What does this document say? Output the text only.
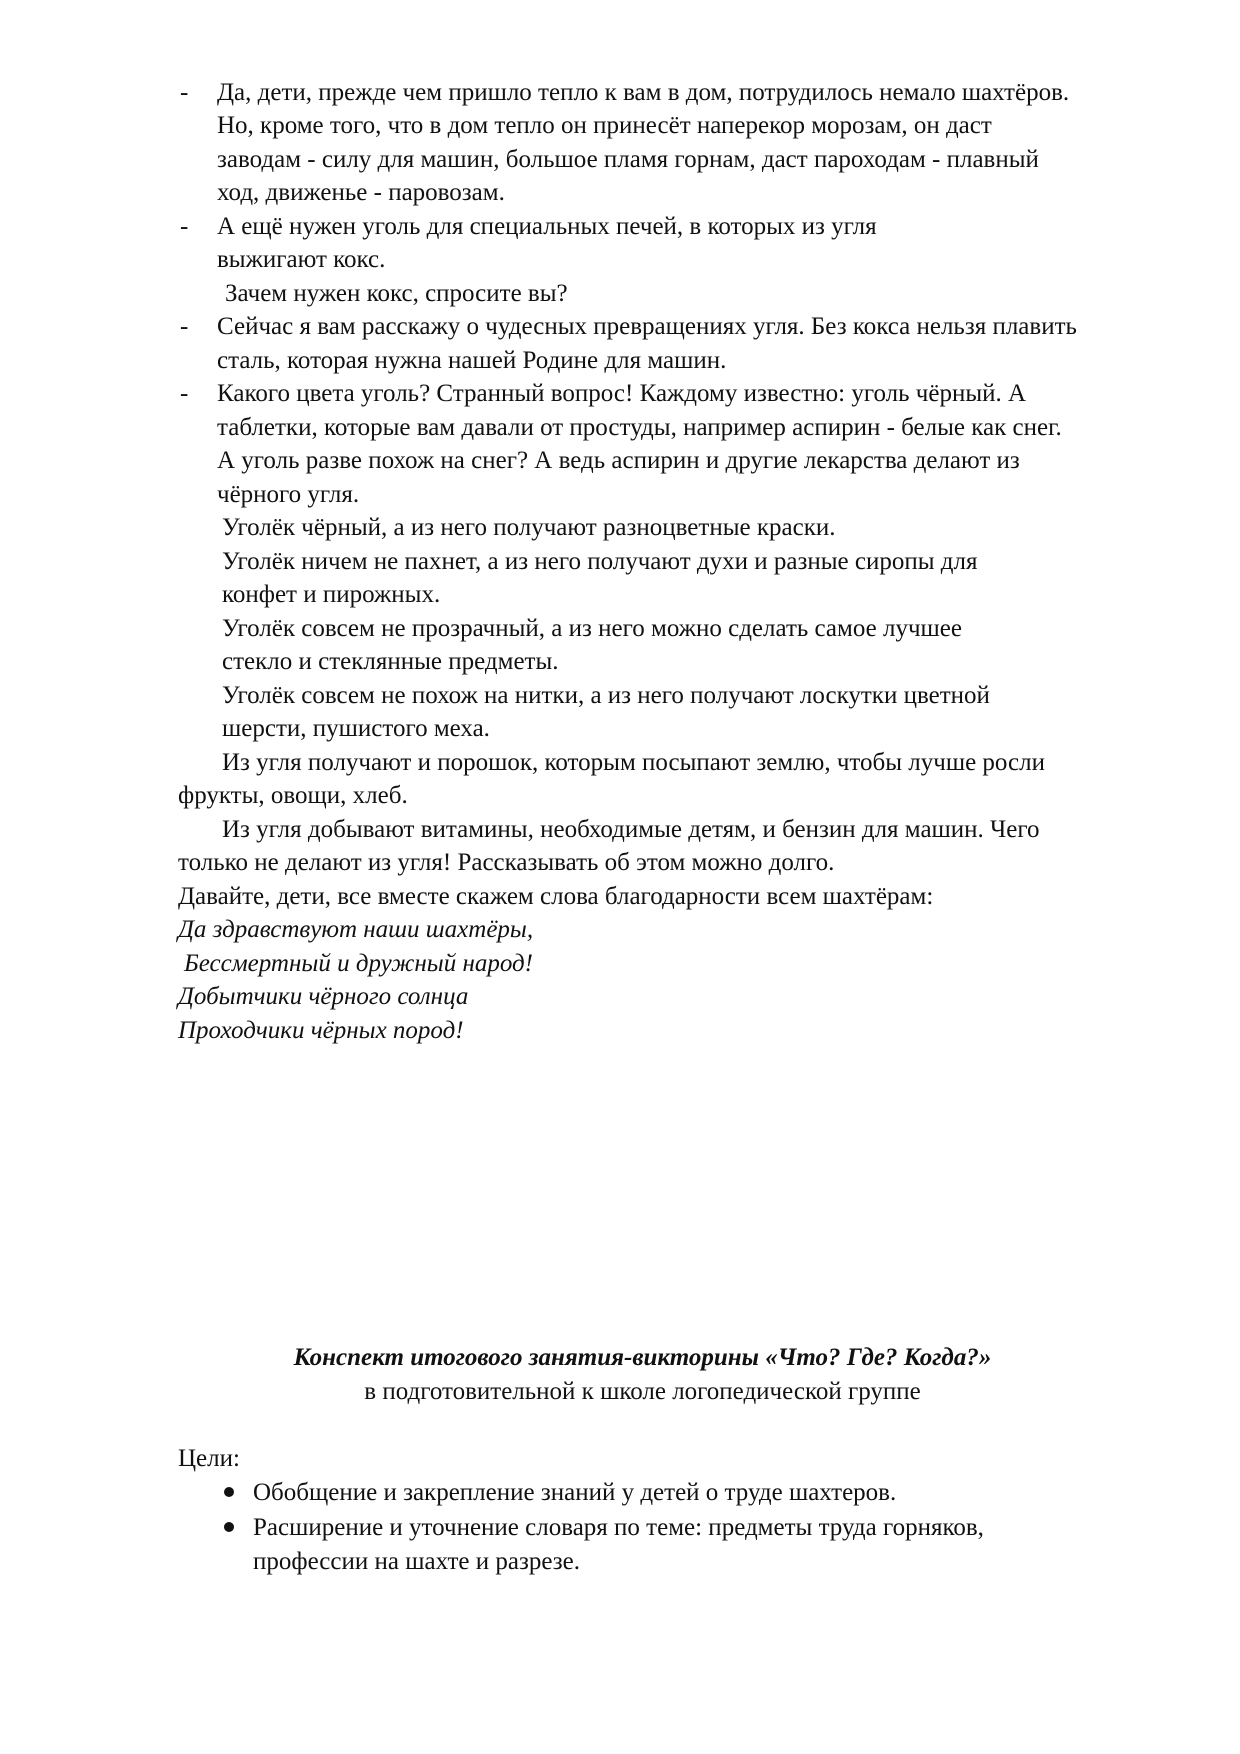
- Да, дети, прежде чем пришло тепло к вам в дом, потрудилось немало шахтёров.
Но, кроме того, что в дом тепло он принесёт наперекор морозам, он даст
заводам - силу для машин, большое пламя горнам, даст пароходам - плавный
ход, движенье - паровозам.
- А ещё нужен уголь для специальных печей, в которых из угля
выжигают кокс.
Зачем нужен кокс, спросите вы?
- Сейчас я вам расскажу о чудесных превращениях угля. Без кокса нельзя плавить
сталь, которая нужна нашей Родине для машин.
- Какого цвета уголь? Странный вопрос! Каждому известно: уголь чёрный. А
таблетки, которые вам давали от простуды, например аспирин - белые как снег.
А уголь разве похож на снег? А ведь аспирин и другие лекарства делают из
чёрного угля.
Уголёк чёрный, а из него получают разноцветные краски.
Уголёк ничем не пахнет, а из него получают духи и разные сиропы для
конфет и пирожных.
Уголёк совсем не прозрачный, а из него можно сделать самое лучшее
стекло и стеклянные предметы.
Уголёк совсем не похож на нитки, а из него получают лоскутки цветной
шерсти, пушистого меха.
Из угля получают и порошок, которым посыпают землю, чтобы лучше росли
фрукты, овощи, хлеб.
Из угля добывают витамины, необходимые детям, и бензин для машин. Чего
только не делают из угля! Рассказывать об этом можно долго.
Давайте, дети, все вместе скажем слова благодарности всем шахтёрам:
Да здравствуют наши шахтёры,
Бессмертный и дружный народ!
Добытчики чёрного солнца
Проходчики чёрных пород!
Конспект итогового занятия-викторины «Что? Где? Когда?»
в подготовительной к школе логопедической группе
Цели:
Обобщение и закрепление знаний у детей о труде шахтеров.
Расширение и уточнение словаря по теме: предметы труда горняков,
профессии на шахте и разрезе.
